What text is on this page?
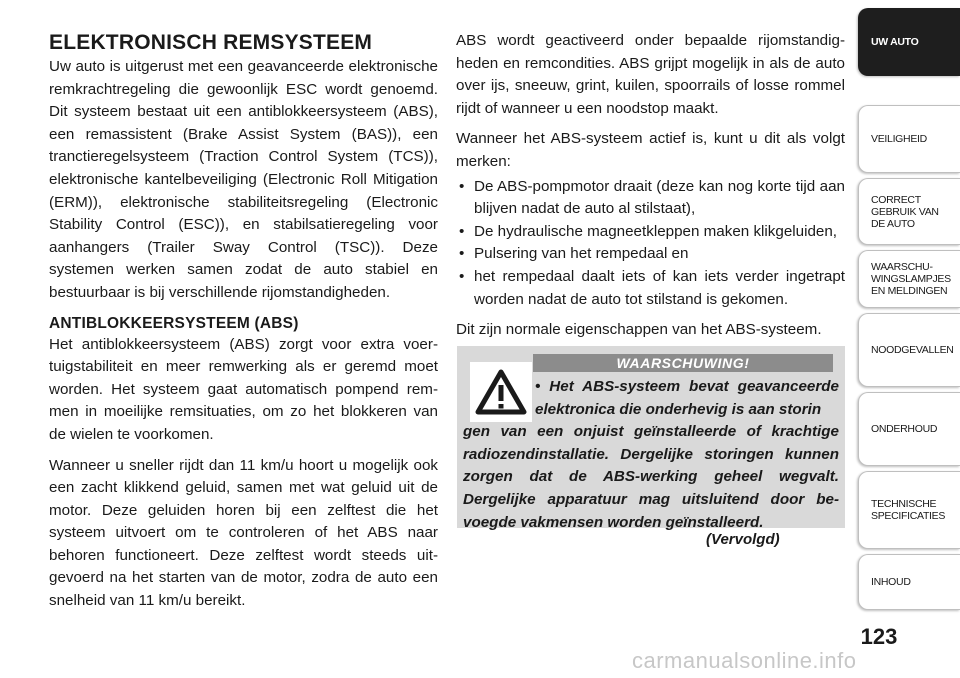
ELEKTRONISCH REMSYSTEEM

Uw auto is uitgerust met een geavanceerde elektronische remkrachtregeling die gewoonlijk ESC wordt genoemd. Dit systeem bestaat uit een antiblokkeersysteem (ABS), een remassistent (Brake Assist System (BAS)), een tranctieregelsysteem (Traction Control System (TCS)), elektronische kantelbeveiliging (Electronic Roll Mitigation (ERM)), elektronische stabiliteitsregeling (Electronic Stability Control (ESC)), en stabilsatieregeling voor aanhangers (Trailer Sway Control (TSC)). Deze systemen werken samen zodat de auto stabiel en bestuurbaar is bij verschillende rijomstandigheden.

ANTIBLOKKEERSYSTEEM (ABS)

Het antiblokkeersysteem (ABS) zorgt voor extra voertuigstabiliteit en meer remwerking als er geremd moet worden. Het systeem gaat automatisch pompend remmen in moeilijke remsituaties, om zo het blokkeren van de wielen te voorkomen.

Wanneer u sneller rijdt dan 11 km/u hoort u mogelijk ook een zacht klikkend geluid, samen met wat geluid uit de motor. Deze geluiden horen bij een zelftest die het systeem uitvoert om te controleren of het ABS naar behoren functioneert. Deze zelftest wordt steeds uitgevoerd na het starten van de motor, zodra de auto een snelheid van 11 km/u bereikt.

ABS wordt geactiveerd onder bepaalde rijomstandigheden en remcondities. ABS grijpt mogelijk in als de auto over ijs, sneeuw, grint, kuilen, spoorrails of losse rommel rijdt of wanneer u een noodstop maakt.

Wanneer het ABS-systeem actief is, kunt u dit als volgt merken:

• De ABS-pompmotor draait (deze kan nog korte tijd aan blijven nadat de auto al stilstaat),
• De hydraulische magneetkleppen maken klikgeluiden,
• Pulsering van het rempedaal en
• het rempedaal daalt iets of kan iets verder ingetrapt worden nadat de auto tot stilstand is gekomen.

Dit zijn normale eigenschappen van het ABS-systeem.

WAARSCHUWING!
• Het ABS-systeem bevat geavanceerde elektronica die onderhevig is aan storin
gen van een onjuist geïnstalleerde of krachtige radiozendinstallatie. Dergelijke storingen kunnen zorgen dat de ABS-werking geheel wegvalt. Dergelijke apparatuur mag uitsluitend door bevoegde vakmensen worden geïnstalleerd.
(Vervolgd)
UW AUTO
VEILIGHEID
CORRECT
GEBRUIK VAN
DE AUTO
WAARSCHU-
WINGSLAMPJES
EN MELDINGEN
NOODGEVALLEN
ONDERHOUD
TECHNISCHE
SPECIFICATIES
INHOUD
123
carmanualsonline.info
